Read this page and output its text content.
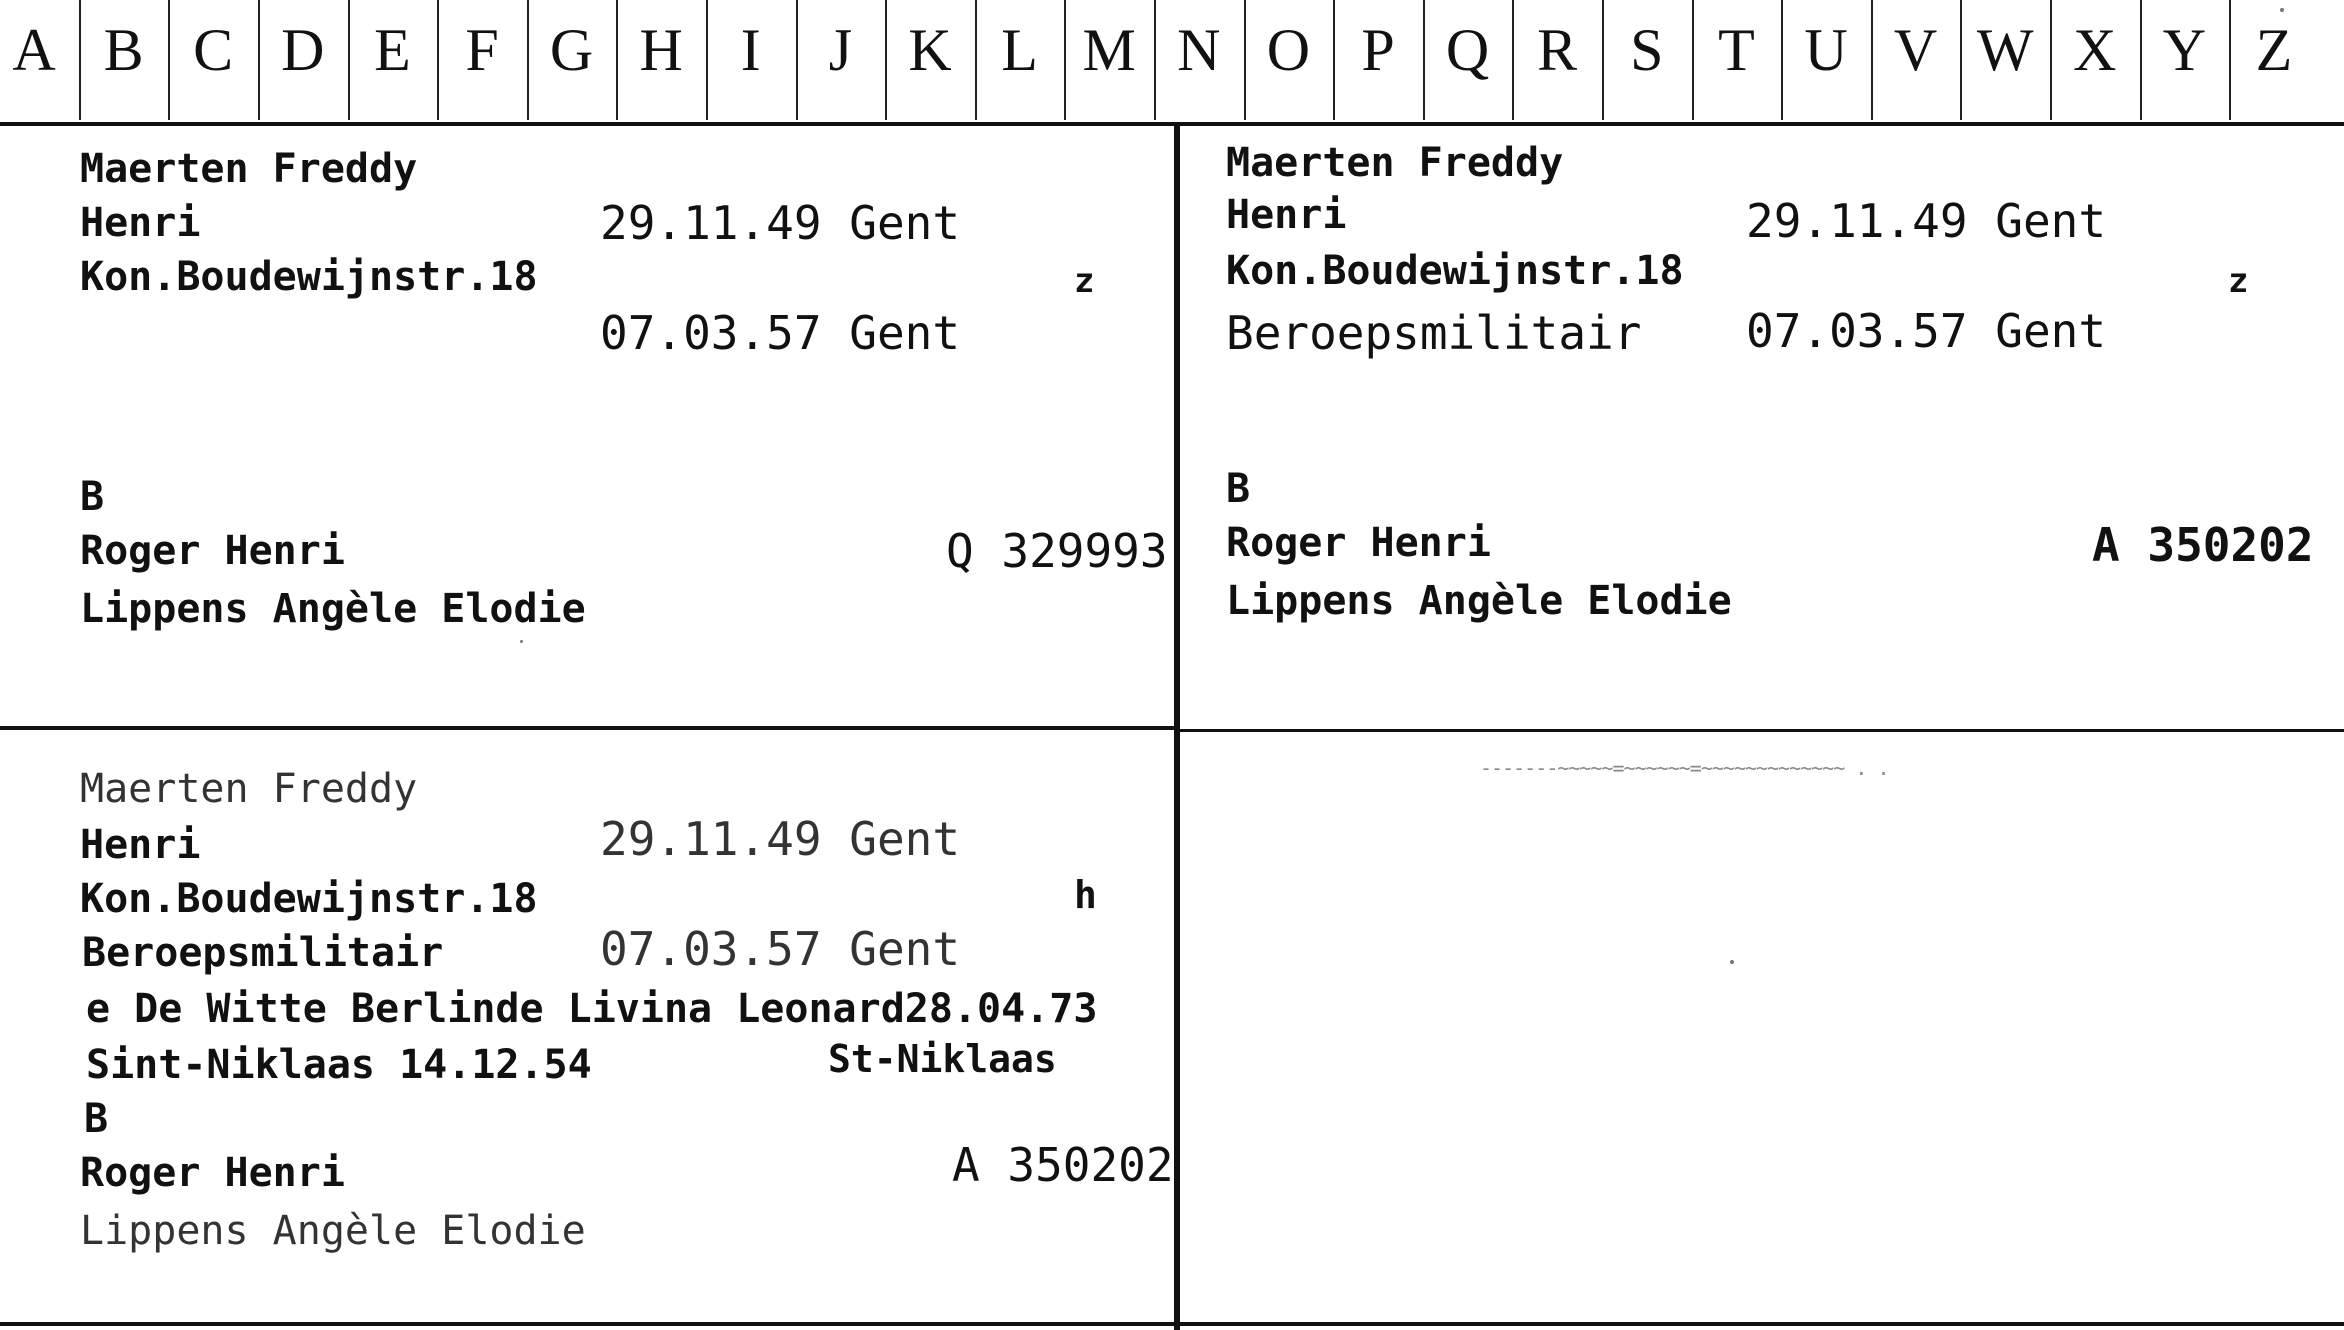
A B C D E F G H I	J K L M N O P Q R S T U V W X Y Z
Maerten Freddy
Henri	29.11.49 Gent
Kon.Boudewijnstr.18	z
07.03.57 Gent
B
Roger Henri	Q 329993
Lippens Angèle Elodie
Maerten Freddy
Henri	29.11.49 Gent
Kon.Boudewijnstr.18	z
Beroepsmilitair 07.03.57 Gent
B
Roger Henri	A 350202
Lippens Angèle Elodie
Maerten Freddy
Henri	29.11.49 Gent
Kon.Boudewijnstr.18	h
Beroepsmilitair	07.03.57 Gent
e De Witte Berlinde Livina Leonard28.04.73
Sint-Niklaas 14.12.54	St-Niklaas
B
Roger Henri	A 350202
Lippens Angèle Elodie
-------~~~~~=~~~~~~=~~~~~~~~~~~~~ . .
